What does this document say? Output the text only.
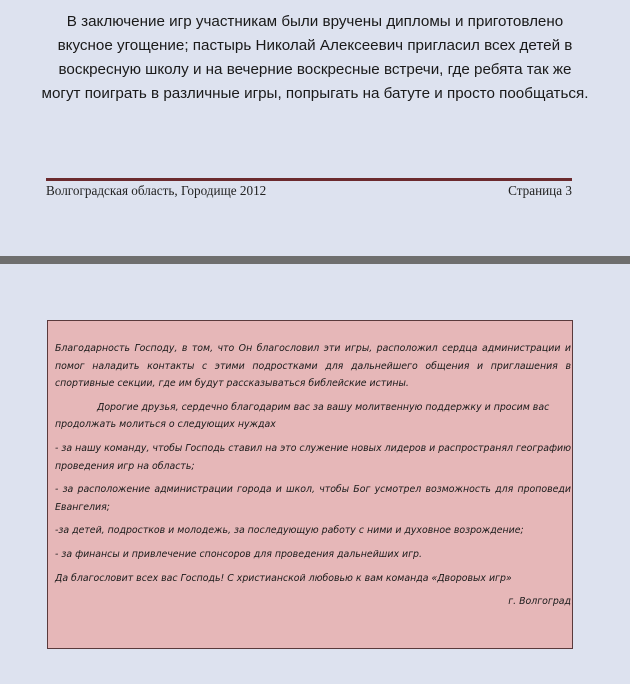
В заключение игр участникам были вручены дипломы и приготовлено вкусное угощение; пастырь Николай Алексеевич пригласил всех детей в воскресную школу и на вечерние воскресные встречи, где ребята так же могут поиграть в различные игры, попрыгать на батуте и просто пообщаться.

Волгоградская область, Городище 2012	Страница 3

Благодарность Господу, в том, что Он благословил эти игры, расположил сердца администрации и помог наладить контакты с этими подростками для дальнейшего общения и приглашения в спортивные секции, где им будут рассказываться библейские истины.

Дорогие друзья, сердечно благодарим вас за вашу молитвенную поддержку и просим вас продолжать молиться о следующих нуждах

- за нашу команду, чтобы Господь ставил на это служение новых лидеров и распространял географию проведения игр на область;

- за расположение администрации города и школ, чтобы Бог усмотрел возможность для проповеди Евангелия;

-за детей, подростков и молодежь, за последующую работу с ними и духовное возрождение;

- за финансы и привлечение спонсоров для проведения дальнейших игр.

Да благословит всех вас Господь! С христианской любовью к вам команда «Дворовых игр»

г. Волгоград
